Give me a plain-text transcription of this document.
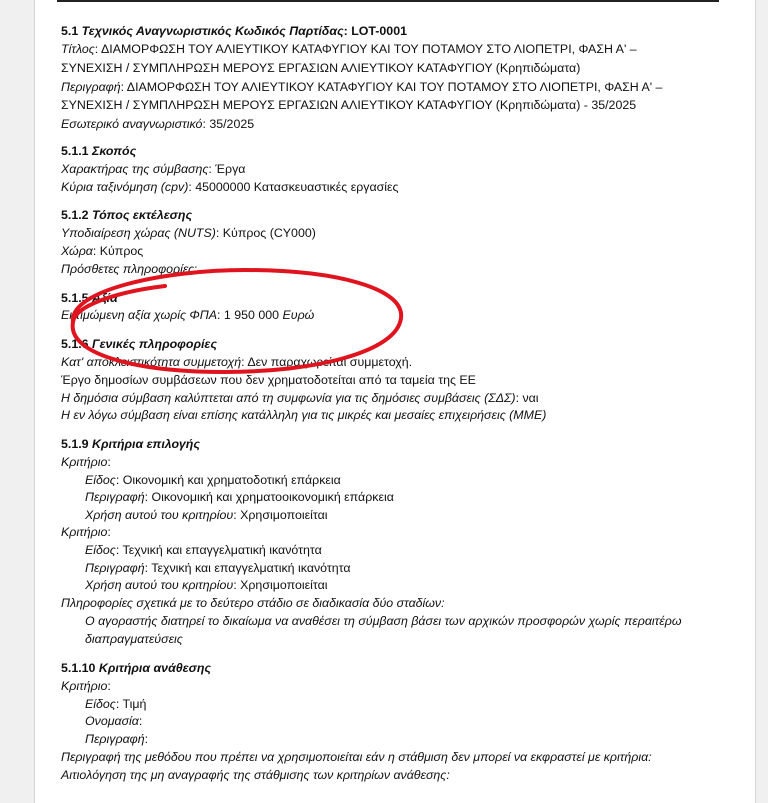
5.1 Τεχνικός Αναγνωριστικός Κωδικός Παρτίδας: LOT-0001
Τίτλος: ΔΙΑΜΟΡΦΩΣΗ ΤΟΥ ΑΛΙΕΥΤΙΚΟΥ ΚΑΤΑΦΥΓΙΟΥ ΚΑΙ ΤΟΥ ΠΟΤΑΜΟΥ ΣΤΟ ΛΙΟΠΕΤΡΙ, ΦΑΣΗ Α' –
ΣΥΝΕΧΙΣΗ / ΣΥΜΠΛΗΡΩΣΗ ΜΕΡΟΥΣ ΕΡΓΑΣΙΩΝ ΑΛΙΕΥΤΙΚΟΥ ΚΑΤΑΦΥΓΙΟΥ (Κρηπιδώματα)
Περιγραφή: ΔΙΑΜΟΡΦΩΣΗ ΤΟΥ ΑΛΙΕΥΤΙΚΟΥ ΚΑΤΑΦΥΓΙΟΥ ΚΑΙ ΤΟΥ ΠΟΤΑΜΟΥ ΣΤΟ ΛΙΟΠΕΤΡΙ, ΦΑΣΗ Α' –
ΣΥΝΕΧΙΣΗ / ΣΥΜΠΛΗΡΩΣΗ ΜΕΡΟΥΣ ΕΡΓΑΣΙΩΝ ΑΛΙΕΥΤΙΚΟΥ ΚΑΤΑΦΥΓΙΟΥ (Κρηπιδώματα) - 35/2025
Εσωτερικό αναγνωριστικό: 35/2025
5.1.1 Σκοπός
Χαρακτήρας της σύμβασης: Έργα
Κύρια ταξινόμηση (cpv): 45000000 Κατασκευαστικές εργασίες
5.1.2 Τόπος εκτέλεσης
Υποδιαίρεση χώρας (NUTS): Κύπρος (CY000)
Χώρα: Κύπρος
Πρόσθετες πληροφορίες:
5.1.5 Αξία
Εκτιμώμενη αξία χωρίς ΦΠΑ: 1 950 000 Ευρώ
5.1.6 Γενικές πληροφορίες
Κατ' αποκλειστικότητα συμμετοχή: Δεν παραχωρείται συμμετοχή.
Έργο δημοσίων συμβάσεων που δεν χρηματοδοτείται από τα ταμεία της ΕΕ
Η δημόσια σύμβαση καλύπτεται από τη συμφωνία για τις δημόσιες συμβάσεις (ΣΔΣ): ναι
Η εν λόγω σύμβαση είναι επίσης κατάλληλη για τις μικρές και μεσαίες επιχειρήσεις (ΜΜΕ)
5.1.9 Κριτήρια επιλογής
Κριτήριο:
Είδος: Οικονομική και χρηματοδοτική επάρκεια
Περιγραφή: Οικονομική και χρηματοοικονομική επάρκεια
Χρήση αυτού του κριτηρίου: Χρησιμοποιείται
Κριτήριο:
Είδος: Τεχνική και επαγγελματική ικανότητα
Περιγραφή: Τεχνική και επαγγελματική ικανότητα
Χρήση αυτού του κριτηρίου: Χρησιμοποιείται
Πληροφορίες σχετικά με το δεύτερο στάδιο σε διαδικασία δύο σταδίων:
Ο αγοραστής διατηρεί το δικαίωμα να αναθέσει τη σύμβαση βάσει των αρχικών προσφορών χωρίς περαιτέρω
διαπραγματεύσεις
5.1.10 Κριτήρια ανάθεσης
Κριτήριο:
Είδος: Τιμή
Ονομασία:
Περιγραφή:
Περιγραφή της μεθόδου που πρέπει να χρησιμοποιείται εάν η στάθμιση δεν μπορεί να εκφραστεί με κριτήρια:
Αιτιολόγηση της μη αναγραφής της στάθμισης των κριτηρίων ανάθεσης:
